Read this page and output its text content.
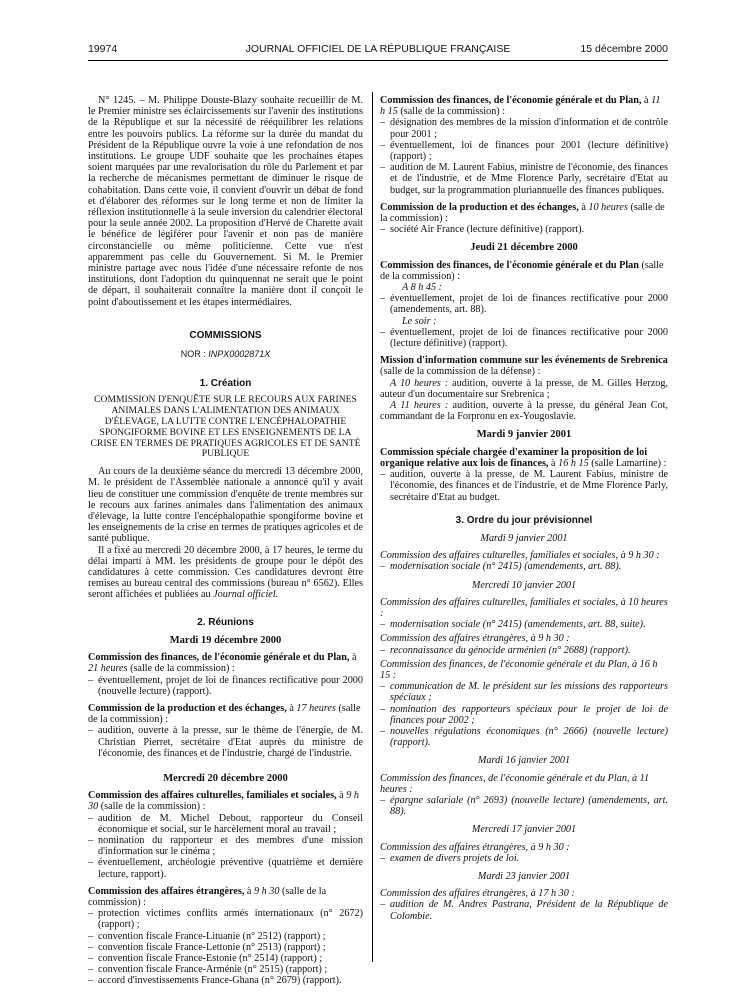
19974	JOURNAL OFFICIEL DE LA RÉPUBLIQUE FRANÇAISE	15 décembre 2000

N° 1245. – M. Philippe Douste-Blazy souhaite recueillir de M. le Premier ministre ses éclaircissements sur l'avenir des institutions de la République et sur la nécessité de rééquilibrer les relations entre les pouvoirs publics. La réforme sur la durée du mandat du Président de la République ouvre la voie à une refondation de nos institutions. Le groupe UDF souhaite que les prochaines étapes soient marquées par une revalorisation du rôle du Parlement et par la recherche de mécanismes permettant de diminuer le risque de cohabitation. Dans cette voie, il convient d'ouvrir un débat de fond et d'élaborer des réformes sur le long terme et non de limiter la réflexion institutionnelle à la seule inversion du calendrier électoral pour la seule année 2002. La proposition d'Hervé de Charette avait le bénéfice de légiférer pour l'avenir et non pas de manière circonstancielle ou même politicienne. Cette vue n'est apparemment pas celle du Gouvernement. Si M. le Premier ministre partage avec nous l'idée d'une nécessaire refonte de nos institutions, dont l'adoption du quinquennat ne serait que le point de départ, il souhaiterait connaître la manière dont il conçoit le point d'aboutissement et les étapes intermédiaires.

COMMISSIONS
NOR : INPX0002871X
1. Création
COMMISSION D'ENQUÊTE SUR LE RECOURS AUX FARINES ANIMALES DANS L'ALIMENTATION DES ANIMAUX D'ÉLEVAGE, LA LUTTE CONTRE L'ENCÉPHALOPATHIE SPONGIFORME BOVINE ET LES ENSEIGNEMENTS DE LA CRISE EN TERMES DE PRATIQUES AGRICOLES ET DE SANTÉ PUBLIQUE

Au cours de la deuxième séance du mercredi 13 décembre 2000, M. le président de l'Assemblée nationale a annoncé qu'il y avait lieu de constituer une commission d'enquête de trente membres sur le recours aux farines animales dans l'alimentation des animaux d'élevage, la lutte contre l'encéphalopathie spongiforme bovine et les enseignements de la crise en termes de pratiques agricoles et de santé publique.

Il a fixé au mercredi 20 décembre 2000, à 17 heures, le terme du délai imparti à MM. les présidents de groupe pour le dépôt des candidatures à cette commission. Ces candidatures devront être remises au bureau central des commissions (bureau n° 6562). Elles seront affichées et publiées au Journal officiel.

2. Réunions
Mardi 19 décembre 2000
Commission des finances, de l'économie générale et du Plan, à 21 heures (salle de la commission) :
– éventuellement, projet de loi de finances rectificative pour 2000 (nouvelle lecture) (rapport).
Commission de la production et des échanges, à 17 heures (salle de la commission) :
– audition, ouverte à la presse, sur le thème de l'énergie, de M. Christian Pierret, secrétaire d'Etat auprès du ministre de l'économie, des finances et de l'industrie, chargé de l'industrie.
Mercredi 20 décembre 2000
Commission des affaires culturelles, familiales et sociales, à 9 h 30 (salle de la commission) :
– audition de M. Michel Debout, rapporteur du Conseil économique et social, sur le harcèlement moral au travail ;
– nomination du rapporteur et des membres d'une mission d'information sur le cinéma ;
– éventuellement, archéologie préventive (quatrième et dernière lecture, rapport).
Commission des affaires étrangères, à 9 h 30 (salle de la commission) :
– protection victimes conflits armés internationaux (n° 2672) (rapport) ;
– convention fiscale France-Lituanie (n° 2512) (rapport) ;
– convention fiscale France-Lettonie (n° 2513) (rapport) ;
– convention fiscale France-Estonie (n° 2514) (rapport) ;
– convention fiscale France-Arménie (n° 2515) (rapport) ;
– accord d'investissements France-Ghana (n° 2679) (rapport).
Commission des finances, de l'économie générale et du Plan, à 11 h 15 (salle de la commission) :
– désignation des membres de la mission d'information et de contrôle pour 2001 ;
– éventuellement, loi de finances pour 2001 (lecture définitive) (rapport) ;
– audition de M. Laurent Fabius, ministre de l'économie, des finances et de l'industrie, et de Mme Florence Parly, secrétaire d'Etat au budget, sur la programmation pluriannuelle des finances publiques.
Commission de la production et des échanges, à 10 heures (salle de la commission) :
– société Air France (lecture définitive) (rapport).
Jeudi 21 décembre 2000
Commission des finances, de l'économie générale et du Plan (salle de la commission) :
A 8 h 45 :
– éventuellement, projet de loi de finances rectificative pour 2000 (amendements, art. 88).
Le soir :
– éventuellement, projet de loi de finances rectificative pour 2000 (lecture définitive) (rapport).
Mission d'information commune sur les événements de Srebrenica (salle de la commission de la défense) :

A 10 heures : audition, ouverte à la presse, de M. Gilles Herzog, auteur d'un documentaire sur Srebrenica ;

A 11 heures : audition, ouverte à la presse, du général Jean Cot, commandant de la Forpronu en ex-Yougoslavie.

Mardi 9 janvier 2001
Commission spéciale chargée d'examiner la proposition de loi organique relative aux lois de finances, à 16 h 15 (salle Lamartine) :
– audition, ouverte à la presse, de M. Laurent Fabius, ministre de l'économie, des finances et de l'industrie, et de Mme Florence Parly, secrétaire d'Etat au budget.
3. Ordre du jour prévisionnel
Mardi 9 janvier 2001
Commission des affaires culturelles, familiales et sociales, à 9 h 30 :
– modernisation sociale (n° 2415) (amendements, art. 88).
Mercredi 10 janvier 2001
Commission des affaires culturelles, familiales et sociales, à 10 heures :
– modernisation sociale (n° 2415) (amendements, art. 88, suite).
Commission des affaires étrangères, à 9 h 30 :
– reconnaissance du génocide arménien (n° 2688) (rapport).
Commission des finances, de l'économie générale et du Plan, à 16 h 15 :
– communication de M. le président sur les missions des rapporteurs spéciaux ;
– nomination des rapporteurs spéciaux pour le projet de loi de finances pour 2002 ;
– nouvelles régulations économiques (n° 2666) (nouvelle lecture) (rapport).
Mardi 16 janvier 2001
Commission des finances, de l'économie générale et du Plan, à 11 heures :
– épargne salariale (n° 2693) (nouvelle lecture) (amendements, art. 88).
Mercredi 17 janvier 2001
Commission des affaires étrangères, à 9 h 30 :
– examen de divers projets de loi.
Mardi 23 janvier 2001
Commission des affaires étrangères, à 17 h 30 :
– audition de M. Andres Pastrana, Président de la République de Colombie.
